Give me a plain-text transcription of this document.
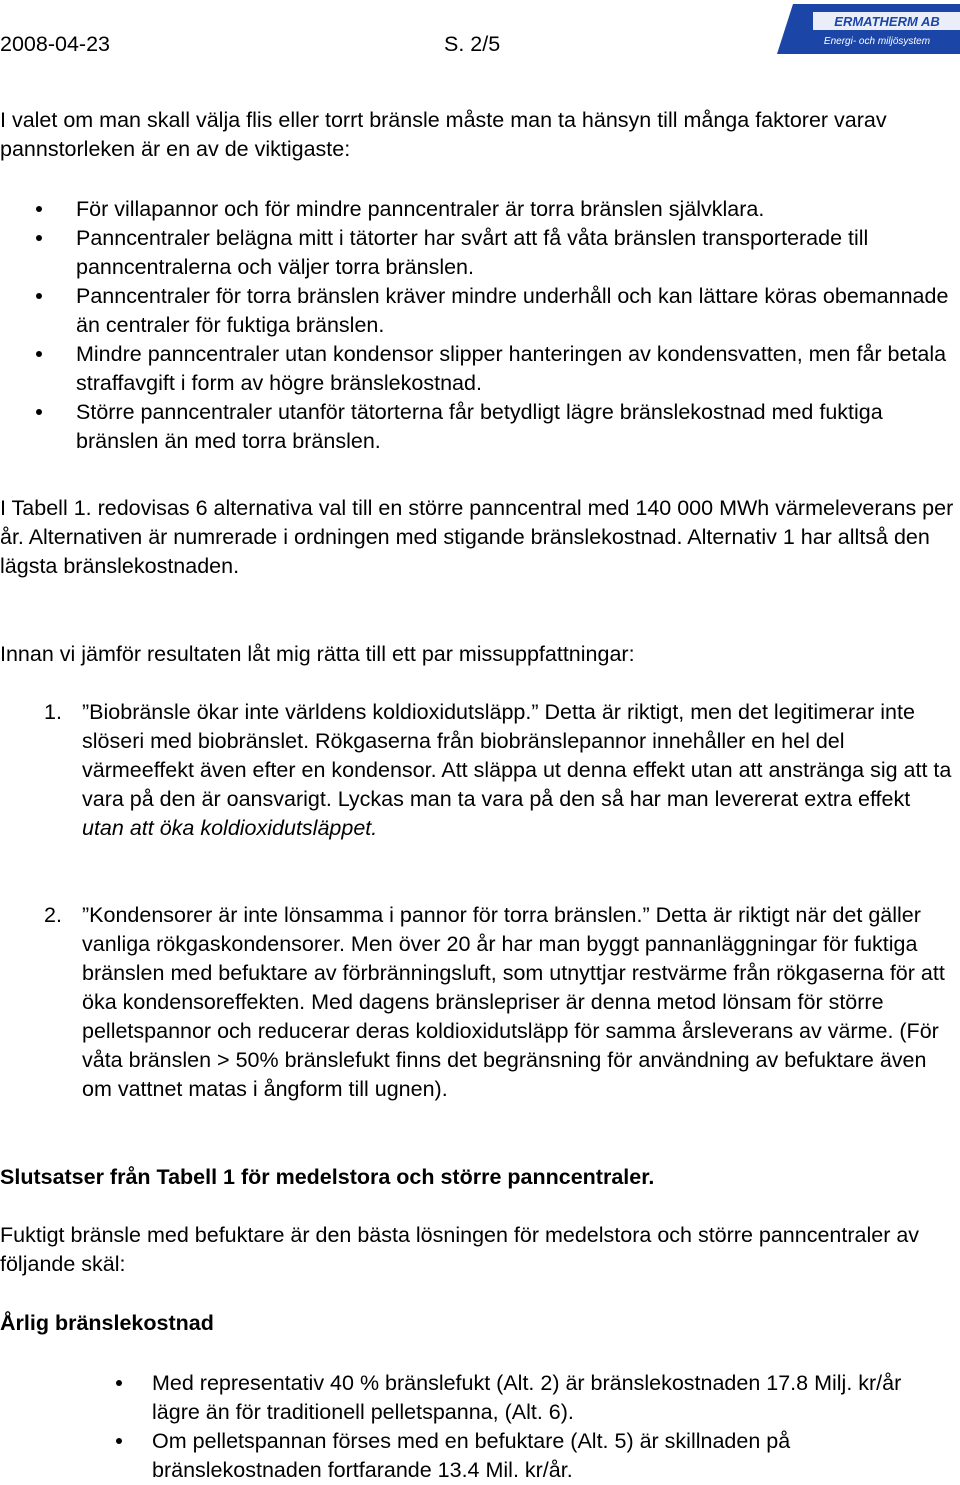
2008-04-23	S. 2/5
ERMATHERM AB
Energi- och miljösystem

I valet om man skall välja flis eller torrt bränsle måste man ta hänsyn till många faktorer varav pannstorleken är en av de viktigaste:

För villapannor och för mindre panncentraler är torra bränslen självklara.
Panncentraler belägna mitt i tätorter har svårt att få våta bränslen transporterade till panncentralerna och väljer torra bränslen.
Panncentraler för torra bränslen kräver mindre underhåll och kan lättare köras obemannade än centraler för fuktiga bränslen.
Mindre panncentraler utan kondensor slipper hanteringen av kondensvatten, men får betala straffavgift i form av högre bränslekostnad.
Större panncentraler utanför tätorterna får betydligt lägre bränslekostnad med fuktiga bränslen än med torra bränslen.

I Tabell 1. redovisas 6 alternativa val till en större panncentral med 140 000 MWh värmeleverans per år. Alternativen är numrerade i ordningen med stigande bränslekostnad. Alternativ 1 har alltså den lägsta bränslekostnaden.

Innan vi jämför resultaten låt mig rätta till ett par missuppfattningar:

1. ”Biobränsle ökar inte världens koldioxidutsläpp.” Detta är riktigt, men det legitimerar inte slöseri med biobränslet. Rökgaserna från biobränslepannor innehåller en hel del värmeeffekt även efter en kondensor. Att släppa ut denna effekt utan att anstränga sig att ta vara på den är oansvarigt. Lyckas man ta vara på den så har man levererat extra effekt utan att öka koldioxidutsläppet.
2. ”Kondensorer är inte lönsamma i pannor för torra bränslen.” Detta är riktigt när det gäller vanliga rökgaskondensorer. Men över 20 år har man byggt pannanläggningar för fuktiga bränslen med befuktare av förbränningsluft, som utnyttjar restvärme från rökgaserna för att öka kondensoreffekten. Med dagens bränslepriser är denna metod lönsam för större pelletspannor och reducerar deras koldioxidutsläpp för samma årsleverans av värme. (För våta bränslen > 50% bränslefukt finns det begränsning för användning av befuktare även om vattnet matas i ångform till ugnen).

Slutsatser från Tabell 1 för medelstora och större panncentraler.

Fuktigt bränsle med befuktare är den bästa lösningen för medelstora och större panncentraler av följande skäl:

Årlig bränslekostnad

Med representativ 40 % bränslefukt (Alt. 2) är bränslekostnaden 17.8 Milj. kr/år lägre än för traditionell pelletspanna, (Alt. 6).
Om pelletspannan förses med en befuktare (Alt. 5) är skillnaden på bränslekostnaden fortfarande 13.4 Mil. kr/år.
